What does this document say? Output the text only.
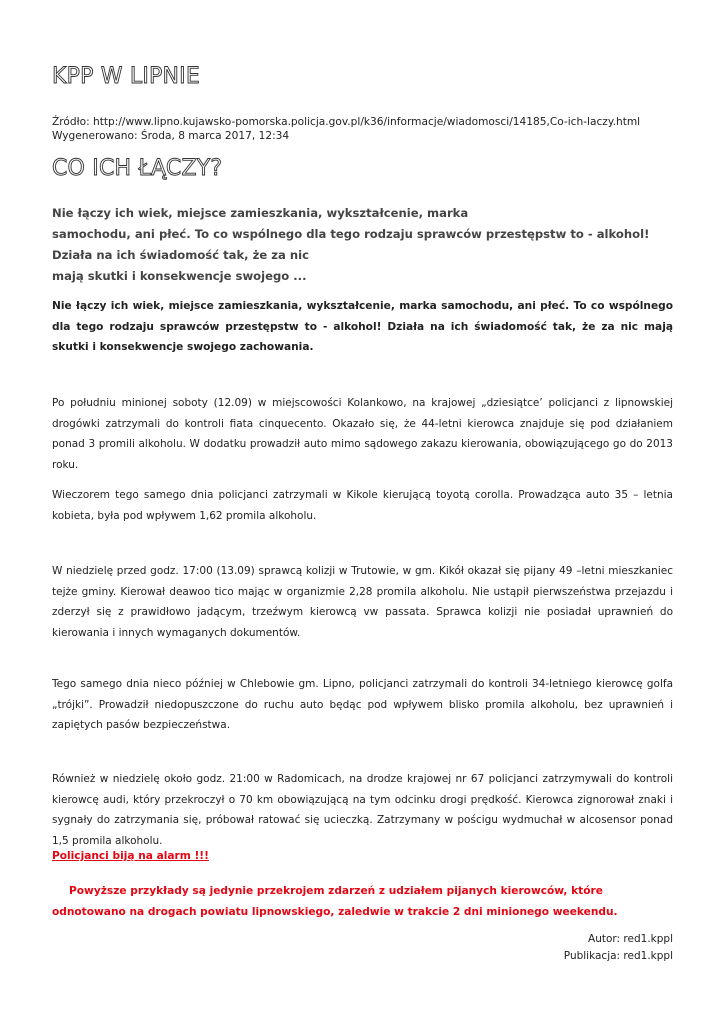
KPP W LIPNIE
Źródło: http://www.lipno.kujawsko-pomorska.policja.gov.pl/k36/informacje/wiadomosci/14185,Co-ich-laczy.html
Wygenerowano: Środa, 8 marca 2017, 12:34
CO ICH ŁĄCZY?
Nie łączy ich wiek, miejsce zamieszkania, wykształcenie, marka
samochodu, ani płeć. To co wspólnego dla tego rodzaju sprawców przestępstw to - alkohol! Działa na ich świadomość tak, że za nic
mają skutki i konsekwencje swojego ...
Nie łączy ich wiek, miejsce zamieszkania, wykształcenie, marka samochodu, ani płeć. To co wspólnego dla tego rodzaju sprawców przestępstw to - alkohol! Działa na ich świadomość tak, że za nic mają skutki i konsekwencje swojego zachowania.
Po południu minionej soboty (12.09) w miejscowości Kolankowo, na krajowej „dziesiątce’ policjanci z lipnowskiej drogówki zatrzymali do kontroli fiata cinquecento. Okazało się, że 44-letni kierowca znajduje się pod działaniem ponad 3 promili alkoholu. W dodatku prowadził auto mimo sądowego zakazu kierowania, obowiązującego go do 2013 roku.
Wieczorem tego samego dnia policjanci zatrzymali w Kikole kierującą toyotą corolla. Prowadząca auto 35 – letnia kobieta, była pod wpływem 1,62 promila alkoholu.
W niedzielę przed godz. 17:00 (13.09) sprawcą kolizji w Trutowie, w gm. Kikół okazał się pijany 49 –letni mieszkaniec tejże gminy. Kierował deawoo tico mając w organizmie 2,28 promila alkoholu. Nie ustąpił pierwszeństwa przejazdu i zderzył się z prawidłowo jadącym, trzeźwym kierowcą vw passata. Sprawca kolizji nie posiadał uprawnień do kierowania i innych wymaganych dokumentów.
Tego samego dnia nieco później w Chlebowie gm. Lipno, policjanci zatrzymali do kontroli 34-letniego kierowcę golfa „trójki”. Prowadził niedopuszczone do ruchu auto będąc pod wpływem blisko promila alkoholu, bez uprawnień i zapiętych pasów bezpieczeństwa.
Również w niedzielę około godz. 21:00 w Radomicach, na drodze krajowej nr 67 policjanci zatrzymywali do kontroli kierowcę audi, który przekroczył o 70 km obowiązującą na tym odcinku drogi prędkość. Kierowca zignorował znaki i sygnały do zatrzymania się, próbował ratować się ucieczką. Zatrzymany w pościgu wydmuchał w alcosensor ponad 1,5 promila alkoholu.
Policjanci biją na alarm !!!
Powyższe przykłady są jedynie przekrojem zdarzeń z udziałem pijanych kierowców, które odnotowano na drogach powiatu lipnowskiego, zaledwie w trakcie 2 dni minionego weekendu.
Autor: red1.kppl
Publikacja: red1.kppl
